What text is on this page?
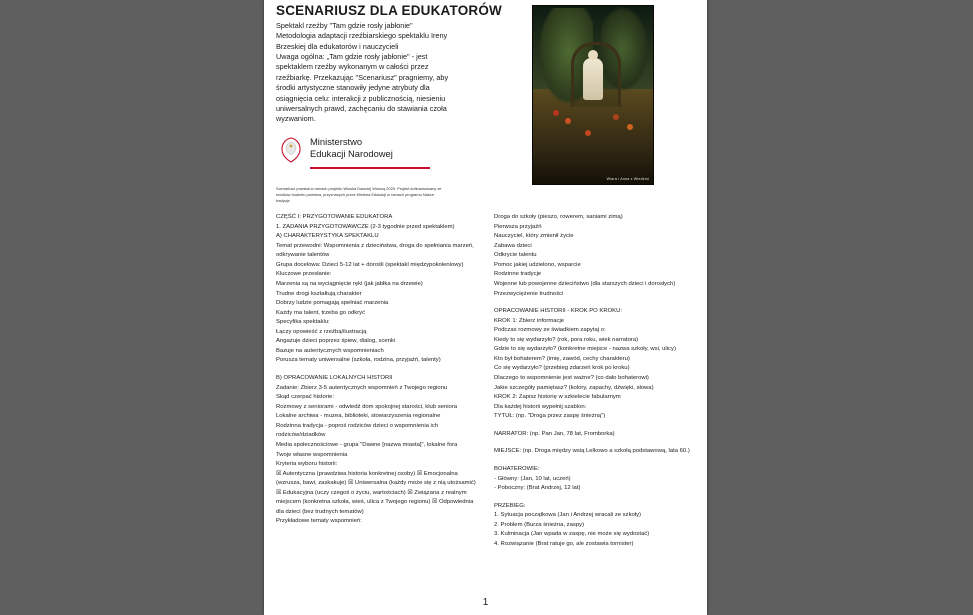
SCENARIUSZ DLA EDUKATORÓW

Spektakl rzeźby "Tam gdzie rosły jabłonie"

Metodologia adaptacji rzeźbiarskiego spektaklu Ireny Brzeskiej dla edukatorów i nauczycieli

Uwaga ogólna: „Tam gdzie rosły jabłonie" - jest spektaklem rzeźby wykonanym w całości przez rzeźbiarkę. Przekazując "Scenariusz" pragniemy, aby środki artystyczne stanowiły jedyne atrybuty dla osiągnięcia celu: interakcji z publicznością, niesieniu uniwersalnych prawd, zachęcaniu do stawiania czoła wyzwaniom.

Ministerstwo
Edukacji Narodowej
Scenariusz powstał w ramach projektu Wioska Dawniej Wiosną 2025. Projekt dofinansowany ze środków budżetu państwa, przyznanych przez Ministra Edukacji w ramach programu Nasze tradycje.
Wiara i Anna z Wiedźmi

CZĘŚĆ I: PRZYGOTOWANIE EDUKATORA

1. ZADANIA PRZYGOTOWAWCZE (2-3 tygodnie przed spektaklem)

A) CHARAKTERYSTYKA SPEKTAKLU

Temat przewodni: Wspomnienia z dzieciństwa, droga do spełniania marzeń, odkrywanie talentów

Grupa docelowa: Dzieci 5-12 lat + dorośli (spektakl międzypokoleniowy)

Kluczowe przesłanie:

Marzenia są na wyciągnięcie ręki (jak jabłka na drzewie)

Trudne drogi kształtują charakter

Dobrzy ludzie pomagają spełniać marzenia

Każdy ma talent, trzeba go odkryć

Specyfika spektaklu:

Łączy opowieść z rzeźbą/ilustracją

Angażuje dzieci poprzez śpiew, dialog, scenki

Bazuje na autentycznych wspomnieniach

Porusza tematy uniwersalne (szkoła, rodzina, przyjaźń, talenty)

B) OPRACOWANIE LOKALNYCH HISTORII

Zadanie: Zbierz 3-5 autentycznych wspomnień z Twojego regionu

Skąd czerpać historie:

Rozmowy z seniorami - odwiedź dom spokojnej starości, klub seniora

Lokalne archiwa - muzea, biblioteki, stowarzyszenia regionalne

Rodzinna tradycja - poproś rodziców dzieci o wspomnienia ich rodziców/dziadków

Media społecznościowe - grupa "Dawne [nazwa miasta]", lokalne fora

Twoje własne wspomnienia

Kryteria wyboru historii:

☒ Autentyczna (prawdziwa historia konkretnej osoby) ☒ Emocjonalna (wzrusza, bawi, zaskakuje) ☒ Uniwersalna (każdy może się z nią utożsamić) ☒ Edukacyjna (uczy czegoś o życiu, wartościach) ☒ Związana z realnym miejscem (konkretna szkoła, wieś, ulica z Twojego regionu) ☒ Odpowiednia dla dzieci (bez trudnych tematów)

Przykładowe tematy wspomnień:

Droga do szkoły (pieszo, rowerem, saniami zimą)

Pierwsza przyjaźń

Nauczyciel, który zmienił życie

Zabawa dzieci

Odkrycie talentu

Pomoc jakiej udzielono, wsparcie

Rodzinne tradycje

Wojenne lub powojenne dzieciństwo (dla starszych dzieci i dorosłych)

Przezwyciężenie trudności

OPRACOWANIE HISTORII - KROK PO KROKU:

KROK 1: Zbierz informacje

Podczas rozmowy ze świadkiem zapytaj o:

Kiedy to się wydarzyło? (rok, pora roku, wiek narratora)

Gdzie to się wydarzyło? (konkretne miejsce - nazwa szkoły, wsi, ulicy)

Kto był bohaterem? (imię, zawód, cechy charakteru)

Co się wydarzyło? (przebieg zdarzeń krok po kroku)

Dlaczego to wspomnienie jest ważne? (co dało bohaterowi)

Jakie szczegóły pamiętasz? (kolory, zapachy, dźwięki, słowa)

KROK 2: Zapisz historię w szkielecie fabularnym

Dla każdej historii wypełnij szablon:

TYTUŁ: (np. "Droga przez zaspę śnieżną")

NARRATOR: (np. Pan Jan, 78 lat, Fromborka)

MIEJSCE: (np. Droga między wsią Lelkowo a szkołą podstawową, lata 60.)

BOHATEROWIE:

- Główny: (Jan, 10 lat, uczeń)

- Poboczny: (Brat Andrzej, 12 lat)

PRZEBIEG:

1. Sytuacja początkowa (Jan i Andrzej wracali ze szkoły)

2. Problem (Burza śnieżna, zaspy)

3. Kulminacja (Jan wpada w zaspę, nie może się wydostać)

4. Rozwiązanie (Brat ratuje go, ale zostawia tornister)

1
